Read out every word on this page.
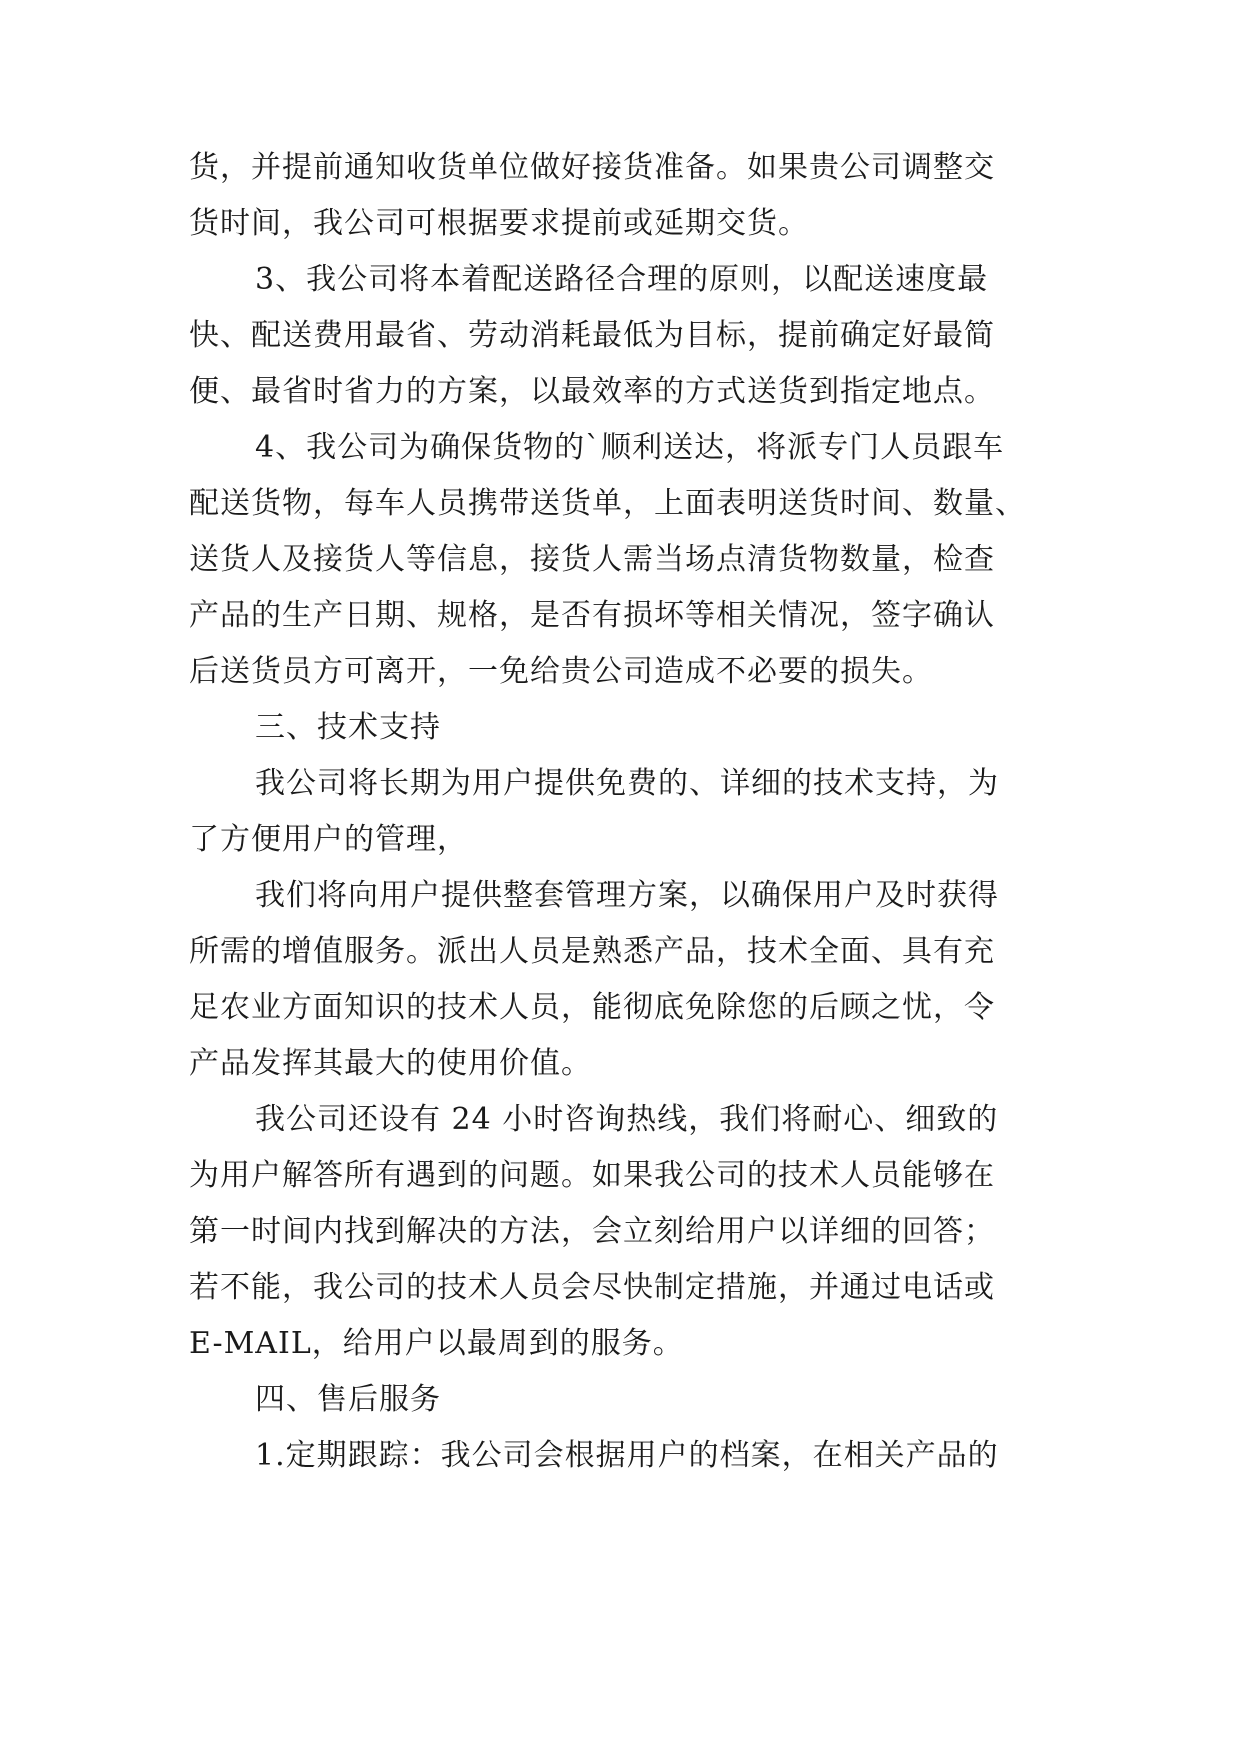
货，并提前通知收货单位做好接货准备。如果贵公司调整交
货时间，我公司可根据要求提前或延期交货。
3、我公司将本着配送路径合理的原则，以配送速度最
快、配送费用最省、劳动消耗最低为目标，提前确定好最简
便、最省时省力的方案，以最效率的方式送货到指定地点。
4、我公司为确保货物的`顺利送达，将派专门人员跟车
配送货物，每车人员携带送货单，上面表明送货时间、数量、
送货人及接货人等信息，接货人需当场点清货物数量，检查
产品的生产日期、规格，是否有损坏等相关情况，签字确认
后送货员方可离开，一免给贵公司造成不必要的损失。
三、技术支持
我公司将长期为用户提供免费的、详细的技术支持，为
了方便用户的管理，
我们将向用户提供整套管理方案，以确保用户及时获得
所需的增值服务。派出人员是熟悉产品，技术全面、具有充
足农业方面知识的技术人员，能彻底免除您的后顾之忧，令
产品发挥其最大的使用价值。
我公司还设有 24 小时咨询热线，我们将耐心、细致的
为用户解答所有遇到的问题。如果我公司的技术人员能够在
第一时间内找到解决的方法，会立刻给用户以详细的回答；
若不能，我公司的技术人员会尽快制定措施，并通过电话或
E-MAIL，给用户以最周到的服务。
四、售后服务
1.定期跟踪：我公司会根据用户的档案，在相关产品的
